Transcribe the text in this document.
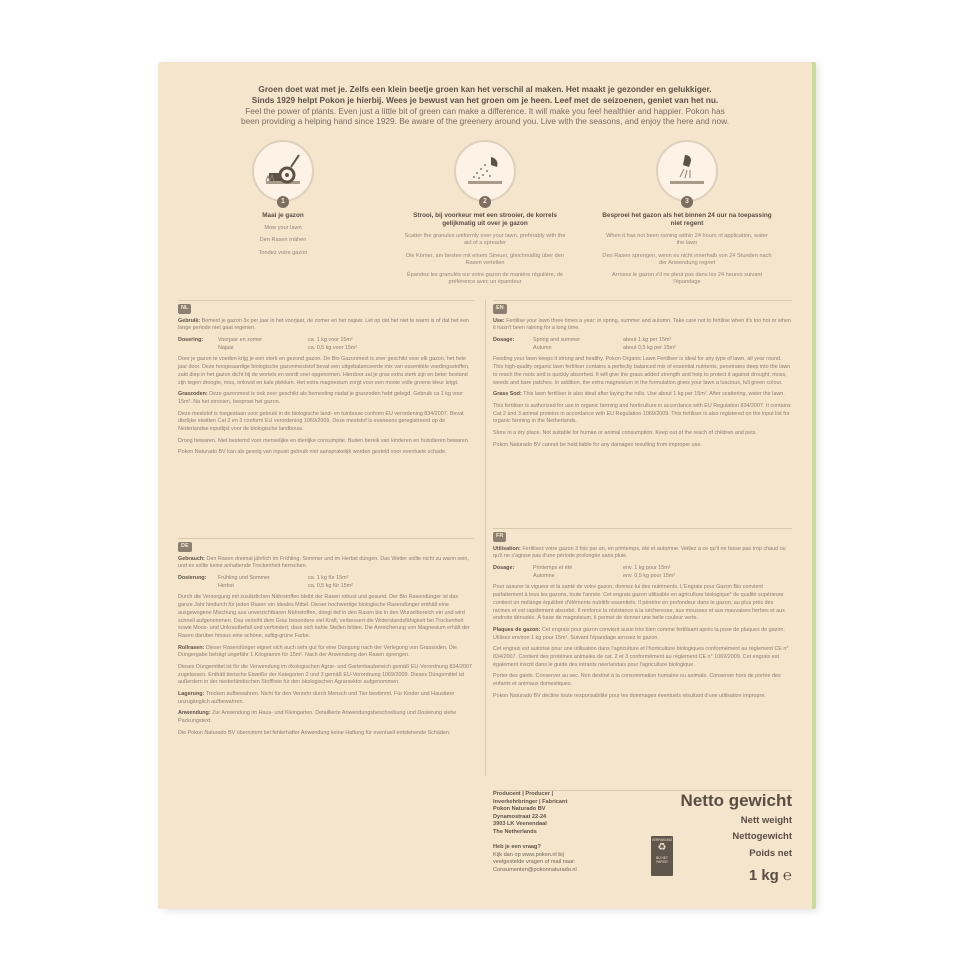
Groen doet wat met je. Zelfs een klein beetje groen kan het verschil al maken. Het maakt je gezonder en gelukkiger.

Sinds 1929 helpt Pokon je hierbij. Wees je bewust van het groen om je heen. Leef met de seizoenen, geniet van het nu.

Feel the power of plants. Even just a little bit of green can make a difference. It will make you feel healthier and happier. Pokon has

been providing a helping hand since 1929. Be aware of the greenery around you. Live with the seasons, and enjoy the here and now.

1
Maai je gazon
Mow your lawn
Den Rasen mähen
Tondez votre gazon
2
Strooi, bij voorkeur met een strooier, de korrels gelijkmatig uit over je gazon
Scatter the granules uniformly over your lawn, preferably with the aid of a spreader
Die Körner, am besten mit einem Streuer, gleichmäßig über den Rasen verteilen
Épandez les granulés sur votre gazon de manière régulière, de préférence avec un épandeur
3
Besproei het gazon als het binnen 24 uur na toepassing niet regent
When it has not been raining within 24 hours of application, water the lawn
Den Rasen sprengen, wenn es nicht innerhalb von 24 Stunden nach der Anwendung regnet
Arrosez le gazon s'il ne pleut pas dans les 24 heures suivant l'épandage
NL

Gebruik: Bemest je gazon 3x per jaar in het voorjaar, de zomer en het najaar. Let op dat het niet te warm is of dat het een lange periode niet gaat regenen.

Dosering:	Voorjaar en zomer	ca. 1 kg voor 15m²
Najaar	ca. 0,5 kg voor 15m²

Door je gazon te voeden krijg je een sterk en gezond gazon. De Bio Gazonmest is zeer geschikt voor elk gazon, het hele jaar door. Deze hoogwaardige biologische gazonmeststof bevat een uitgebalanceerde mix van essentiële voedingsstoffen, zakt diep in het gazon dicht bij de wortels en wordt snel opgenomen. Hierdoor zal je gras extra sterk zijn en beter bestand zijn tegen droogte, mos, onkruid en kale plekken. Het extra magnesium zorgt voor een mooie volle groene kleur krijgt.

Graszoden: Deze gazonmest is ook zeer geschikt als bemesting nadat je graszoden hebt gelegd. Gebruik ca 1 kg voor 15m². Na het strooien, besproei het gazon.

Deze meststof is toegestaan voor gebruik in de biologische land- en tuinbouw conform EU verordening 834/2007. Bevat dierlijke eiwitten Cat 2 en 3 conform EU verordening 1069/2009. Deze meststof is eveneens geregistreerd op de Nederlandse inputlijst voor de biologische landbouw.

Droog bewaren. Niet bestemd voor menselijke en dierlijke consumptie. Buiten bereik van kinderen en huisdieren bewaren.

Pokon Naturado BV kan als gevolg van inpuist gebruik niet aansprakelijk worden gesteld voor eventuele schade.

EN

Use: Fertilise your lawn three times a year: in spring, summer and autumn. Take care not to fertilise when it's too hot or when it hasn't been raining for a long time.

Dosage:	Spring and summer	about 1 kg per 15m²
Autumn	about 0,5 kg per 15m²

Feeding your lawn keeps it strong and healthy. Pokon Organic Lawn Fertiliser is ideal for any type of lawn, all year round. This high-quality organic lawn fertiliser contains a perfectly balanced mix of essential nutrients, penetrates deep into the lawn to reach the roots and is quickly absorbed. It will give the grass added strength and help to protect it against drought, moss, weeds and bare patches. In addition, the extra magnesium in the formulation gives your lawn a luscious, full green colour.

Grass Sod: This lawn fertiliser is also ideal after laying the rolls. Use about 1 kg per 15m². After scattering, water the lawn.

This fertiliser is authorized for use in organic farming and horticulture in accordance with EU Regulation 834/2007. It contains Cat 2 and 3 animal proteins in accordance with EU Regulation 1069/2009. This fertiliser is also registered on the input list for organic farming in the Netherlands.

Store in a dry place. Not suitable for human or animal consumption. Keep out of the reach of children and pets.

Pokon Naturado BV cannot be held liable for any damages resulting from improper use.

DE

Gebrauch: Den Rasen dreimal jährlich im Frühling, Sommer und im Herbst düngen. Das Wetter sollte nicht zu warm sein, und es sollte keine anhaltende Trockenheit herrschen.

Dosierung:	Frühling und Sommer	ca. 1 kg für 15m²
Herbst	ca. 0,5 kg für 15m²

Durch die Versorgung mit zusätzlichen Nährstoffen bleibt der Rasen robust und gesund. Der Bio Rasendünger ist das ganze Jahr hindurch für jeden Rasen ein ideales Mittel. Dieser hochwertige biologische Rasendünger enthält eine ausgewogene Mischung aus unverzichtbaren Nährstoffen, dringt tief in den Rasen bis in den Wurzelbereich ein und wird schnell aufgenommen. Das verleiht dem Gras besondere viel Kraft, verbessert die Widerstandsfähigkeit bei Trockenheit sowie Moos- und Unkrautbefall und verhindert, dass sich kahle Stellen bilden. Die Anreicherung von Magnesium erhält der Rasen darüber hinaus eine schöne, saftig-grüne Farbe.

Rollrasen: Dieser Rasendünger eignet sich auch sehr gut für eine Düngung nach der Verlegung von Grassoden. Die Düngergabe beträgt ungefähr 1 Kilogramm für 15m². Nach der Anwendung den Rasen sprengen.

Dieses Düngemittel ist für die Verwendung im ökologischen Agrar- und Gartenbaubereich gemäß EU-Verordnung 834/2007 zugelassen. Enthält tierische Eiweiße der Kategorien 2 und 3 gemäß EU-Verordnung 1069/2009. Dieses Düngemittel ist außerdem in der niederländischen Stoffliste für den ökologischen Agrarsektor aufgenommen.

Lagerung: Trocken aufbewahren. Nicht für den Verzehr durch Mensch und Tier bestimmt. Für Kinder und Haustiere unzugänglich aufbewahren.

Anwendung: Zur Anwendung im Haus- und Kleingarten. Detaillierte Anwendungsbeschreibung und Dosierung siehe Packungstext.

Die Pokon Naturado BV übernimmt bei fehlerhafter Anwendung keine Haftung für eventuell entstehende Schäden.

FR

Utilisation: Fertilisez votre gazon 3 fois par an, en printemps, été et automne. Veillez à ce qu'il ne fasse pas trop chaud ou qu'il ne s'agisse pas d'une période prolongée sans pluie.

Dosage:	Printemps et été	env. 1 kg pour 15m²
Automne	env. 0,5 kg pour 15m²

Pour assurer la vigueur et la santé de votre gazon, donnez-lui des nutriments. L'Engrais pour Gazon Bio convient parfaitement à tous les gazons, toute l'année. Cet engrais gazon utilisable en agriculture biologique* de qualité supérieure contient un mélange équilibré d'éléments nutritifs essentiels. Il pénètre en profondeur dans le gazon, au plus près des racines et est rapidement absorbé. Il renforce la résistance à la sécheresse, aux mousses et aux mauvaises herbes et aux endroits dénudés. À base de magnésium, il permet de donner une belle couleur verte.

Plaques de gazon: Cet engrais pour gazon convient aussi très bien comme fertilisant après la pose de plaques de gazon. Utilisez environ 1 kg pour 15m². Suivant l'épandage arrosez le gazon.

Cet engrais est autorisé pour une utilisation dans l'agriculture et l'horticulture biologiques conformément au règlement CE n° 834/2007. Contient des protéines animales de cat. 2 et 3 conformément au règlement CE n° 1069/2009. Cet engrais est également inscrit dans le guide des intrants néerlandais pour l'agriculture biologique.

Porter des gants. Conserver au sec. Non destiné à la consommation humaine ou animale. Conserver hors de portée des enfants et animaux domestiques.

Pokon Naturado BV décline toute responsabilité pour les dommages éventuels résultant d'une utilisation impropre.

Producent | Producer |
Inverkehrbringer | Fabricant
Pokon Naturado BV
Dynamostraat 22-24
3903 LK Veenendaal
The Netherlands
Heb je een vraag?
Kijk dan op www.pokon.nl bij
veelgestelde vragen of mail naar:
Consumenten@pokonnaturado.nl
VERPAKKING
♻
BIJ HET PAPIER
Netto gewicht
Nett weight
Nettogewicht
Poids net
1 kg ℮
